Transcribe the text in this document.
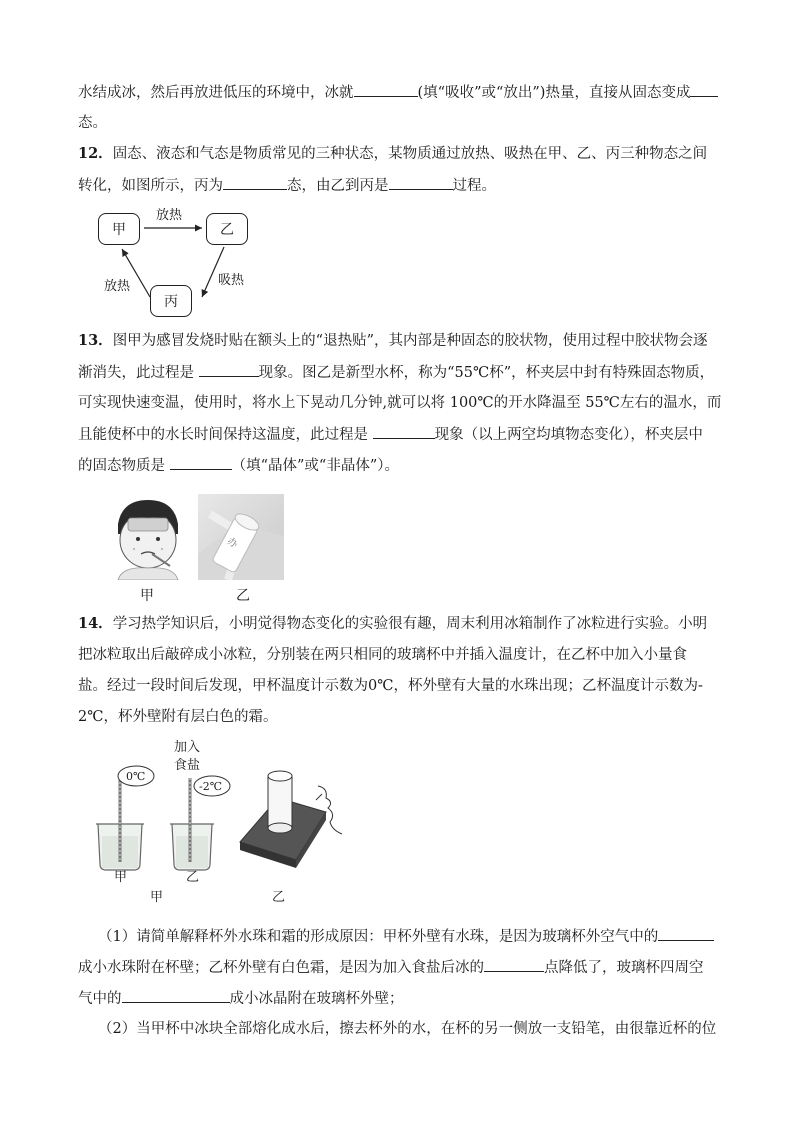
水结成冰，然后再放进低压的环境中，冰就	(填“吸收”或“放出”)热量，直接从固态变成
态。
12．固态、液态和气态是物质常见的三种状态，某物质通过放热、吸热在甲、乙、丙三种物态之间
转化，如图所示，丙为	态，由乙到丙是	过程。
甲	乙
丙
放热
吸热
放热
13．图甲为感冒发烧时贴在额头上的“退热贴”，其内部是种固态的胶状物，使用过程中胶状物会逐
渐消失，此过程是	现象。图乙是新型水杯，称为“55℃杯”，杯夹层中封有特殊固态物质，
可实现快速变温，使用时，将水上下晃动几分钟,就可以将 100℃的开水降温至 55℃左右的温水，而
且能使杯中的水长时间保持这温度，此过程是	现象（以上两空均填物态变化），杯夹层中
的固态物质是	（填“晶体”或“非晶体”）。
办
甲	乙
14．学习热学知识后，小明觉得物态变化的实验很有趣，周末利用冰箱制作了冰粒进行实验。小明
把冰粒取出后敲碎成小冰粒，分别装在两只相同的玻璃杯中并插入温度计，在乙杯中加入小量食
盐。经过一段时间后发现，甲杯温度计示数为0℃，杯外壁有大量的水珠出现；乙杯温度计示数为-
2℃，杯外壁附有层白色的霜。
加入
食盐
0℃
-2℃
甲	乙
甲	乙
（1）请简单解释杯外水珠和霜的形成原因：甲杯外壁有水珠，是因为玻璃杯外空气中的
成小水珠附在杯壁；乙杯外壁有白色霜，是因为加入食盐后冰的	点降低了，玻璃杯四周空
气中的	成小冰晶附在玻璃杯外壁；
（2）当甲杯中冰块全部熔化成水后，擦去杯外的水，在杯的另一侧放一支铅笔，由很靠近杯的位
